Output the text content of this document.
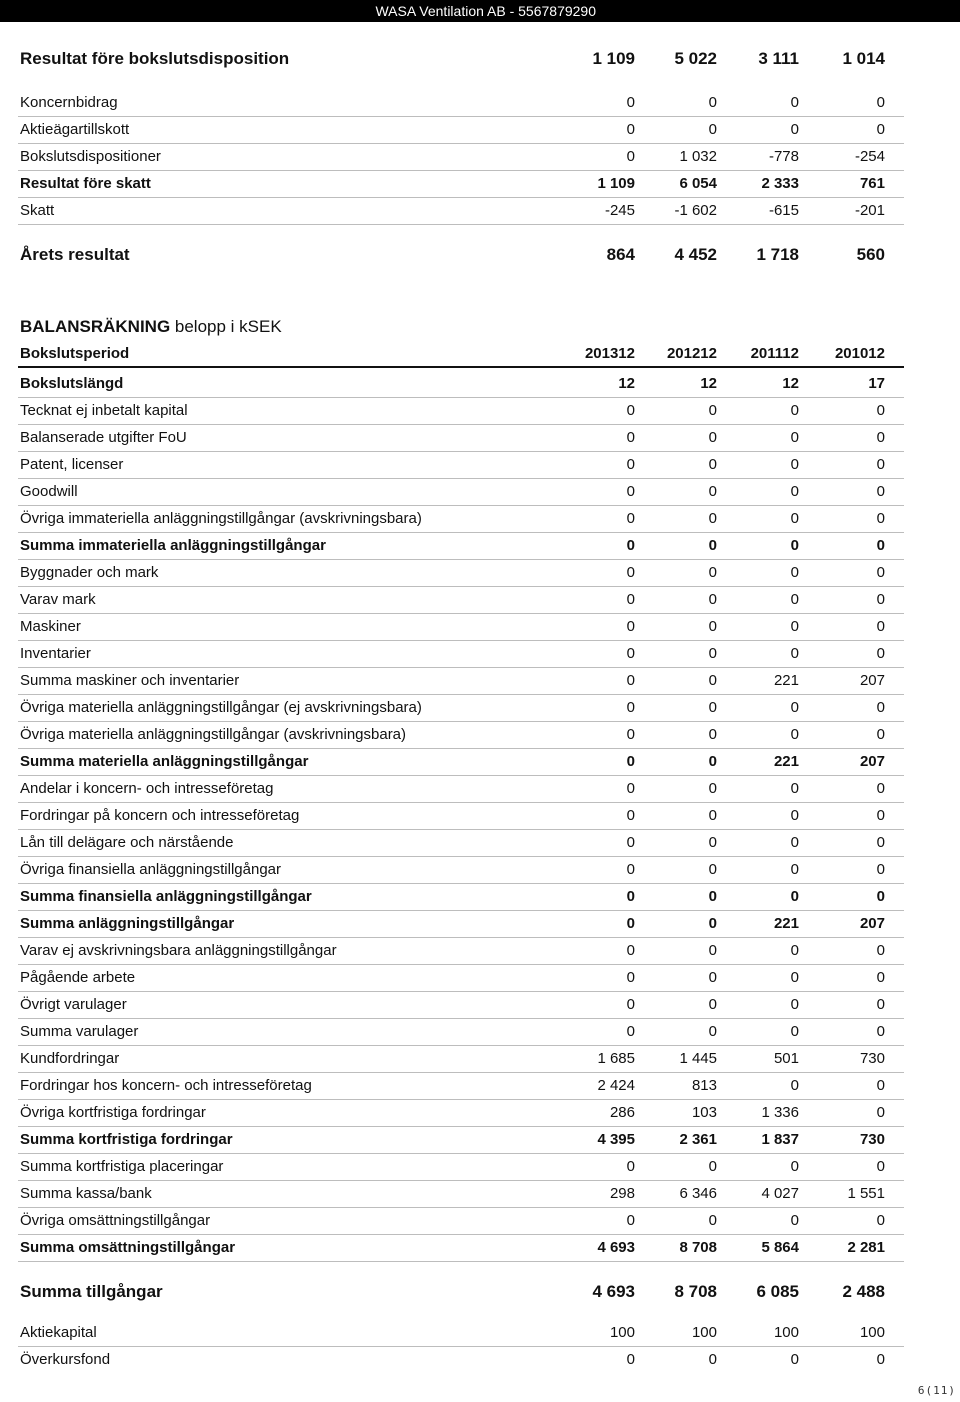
WASA Ventilation AB - 5567879290
BALANSRÄKNING belopp i kSEK
Resultat före bokslutsdisposition	1 109	5 022	3 111	1 014
Koncernbidrag	0	0	0	0
Aktieägartillskott	0	0	0	0
Bokslutsdispositioner	0	1 032	-778	-254
Resultat före skatt	1 109	6 054	2 333	761
Skatt	-245	-1 602	-615	-201
Årets resultat	864	4 452	1 718	560
Bokslutsperiod	201312	201212	201112	201012
Bokslutslängd	12	12	12	17
Tecknat ej inbetalt kapital	0	0	0	0
Balanserade utgifter FoU	0	0	0	0
Patent, licenser	0	0	0	0
Goodwill	0	0	0	0
Övriga immateriella anläggningstillgångar (avskrivningsbara)	0	0	0	0
Summa immateriella anläggningstillgångar	0	0	0	0
Byggnader och mark	0	0	0	0
Varav mark	0	0	0	0
Maskiner	0	0	0	0
Inventarier	0	0	0	0
Summa maskiner och inventarier	0	0	221	207
Övriga materiella anläggningstillgångar (ej avskrivningsbara)	0	0	0	0
Övriga materiella anläggningstillgångar (avskrivningsbara)	0	0	0	0
Summa materiella anläggningstillgångar	0	0	221	207
Andelar i koncern- och intresseföretag	0	0	0	0
Fordringar på koncern och intresseföretag	0	0	0	0
Lån till delägare och närstående	0	0	0	0
Övriga finansiella anläggningstillgångar	0	0	0	0
Summa finansiella anläggningstillgångar	0	0	0	0
Summa anläggningstillgångar	0	0	221	207
Varav ej avskrivningsbara anläggningstillgångar	0	0	0	0
Pågående arbete	0	0	0	0
Övrigt varulager	0	0	0	0
Summa varulager	0	0	0	0
Kundfordringar	1 685	1 445	501	730
Fordringar hos koncern- och intresseföretag	2 424	813	0	0
Övriga kortfristiga fordringar	286	103	1 336	0
Summa kortfristiga fordringar	4 395	2 361	1 837	730
Summa kortfristiga placeringar	0	0	0	0
Summa kassa/bank	298	6 346	4 027	1 551
Övriga omsättningstillgångar	0	0	0	0
Summa omsättningstillgångar	4 693	8 708	5 864	2 281
Summa tillgångar	4 693	8 708	6 085	2 488
Aktiekapital	100	100	100	100
Överkursfond	0	0	0	0
6(11)
